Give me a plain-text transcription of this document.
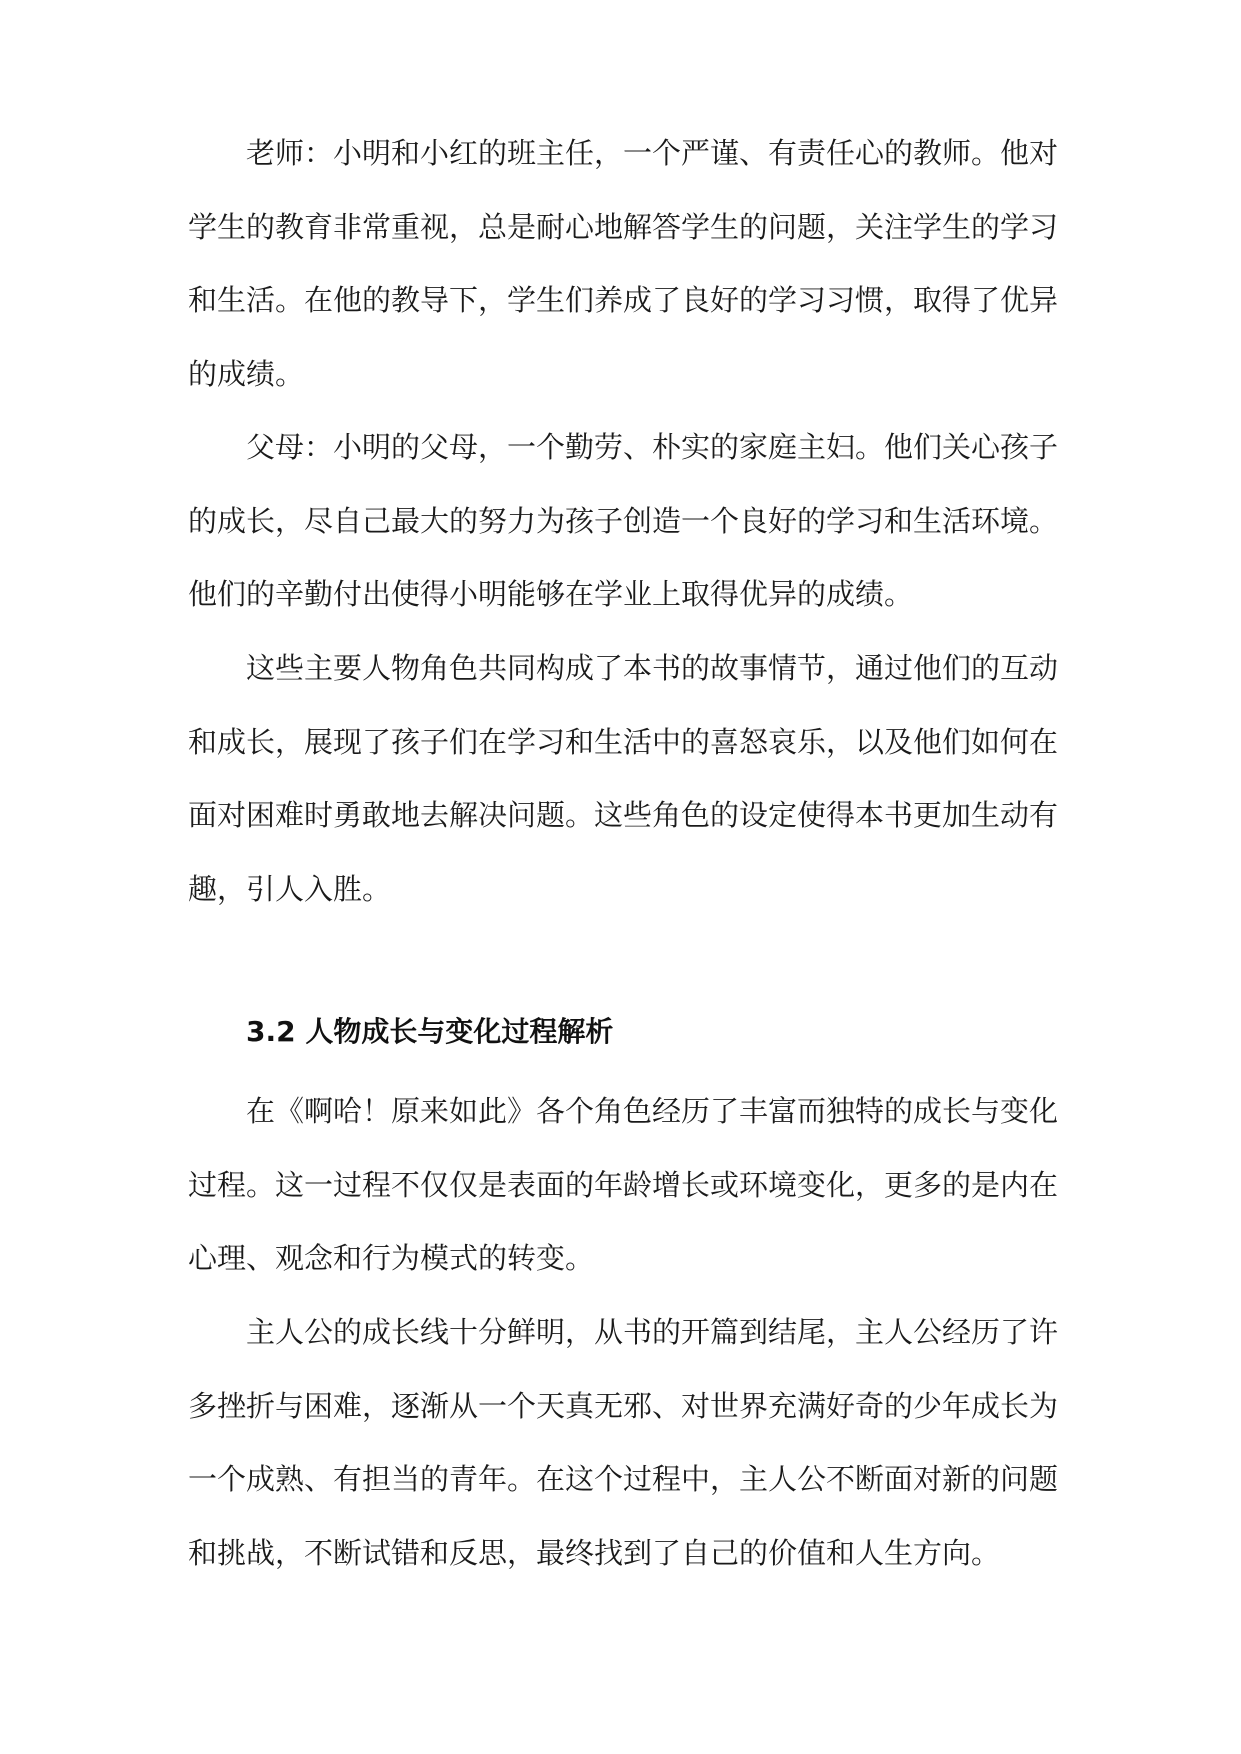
老师：小明和小红的班主任，一个严谨、有责任心的教师。他对学生的教育非常重视，总是耐心地解答学生的问题，关注学生的学习和生活。在他的教导下，学生们养成了良好的学习习惯，取得了优异的成绩。

父母：小明的父母，一个勤劳、朴实的家庭主妇。他们关心孩子的成长，尽自己最大的努力为孩子创造一个良好的学习和生活环境。他们的辛勤付出使得小明能够在学业上取得优异的成绩。

这些主要人物角色共同构成了本书的故事情节，通过他们的互动和成长，展现了孩子们在学习和生活中的喜怒哀乐，以及他们如何在面对困难时勇敢地去解决问题。这些角色的设定使得本书更加生动有趣，引人入胜。

3.2 人物成长与变化过程解析

在《啊哈！原来如此》各个角色经历了丰富而独特的成长与变化过程。这一过程不仅仅是表面的年龄增长或环境变化，更多的是内在心理、观念和行为模式的转变。

主人公的成长线十分鲜明，从书的开篇到结尾，主人公经历了许多挫折与困难，逐渐从一个天真无邪、对世界充满好奇的少年成长为一个成熟、有担当的青年。在这个过程中，主人公不断面对新的问题和挑战，不断试错和反思，最终找到了自己的价值和人生方向。
